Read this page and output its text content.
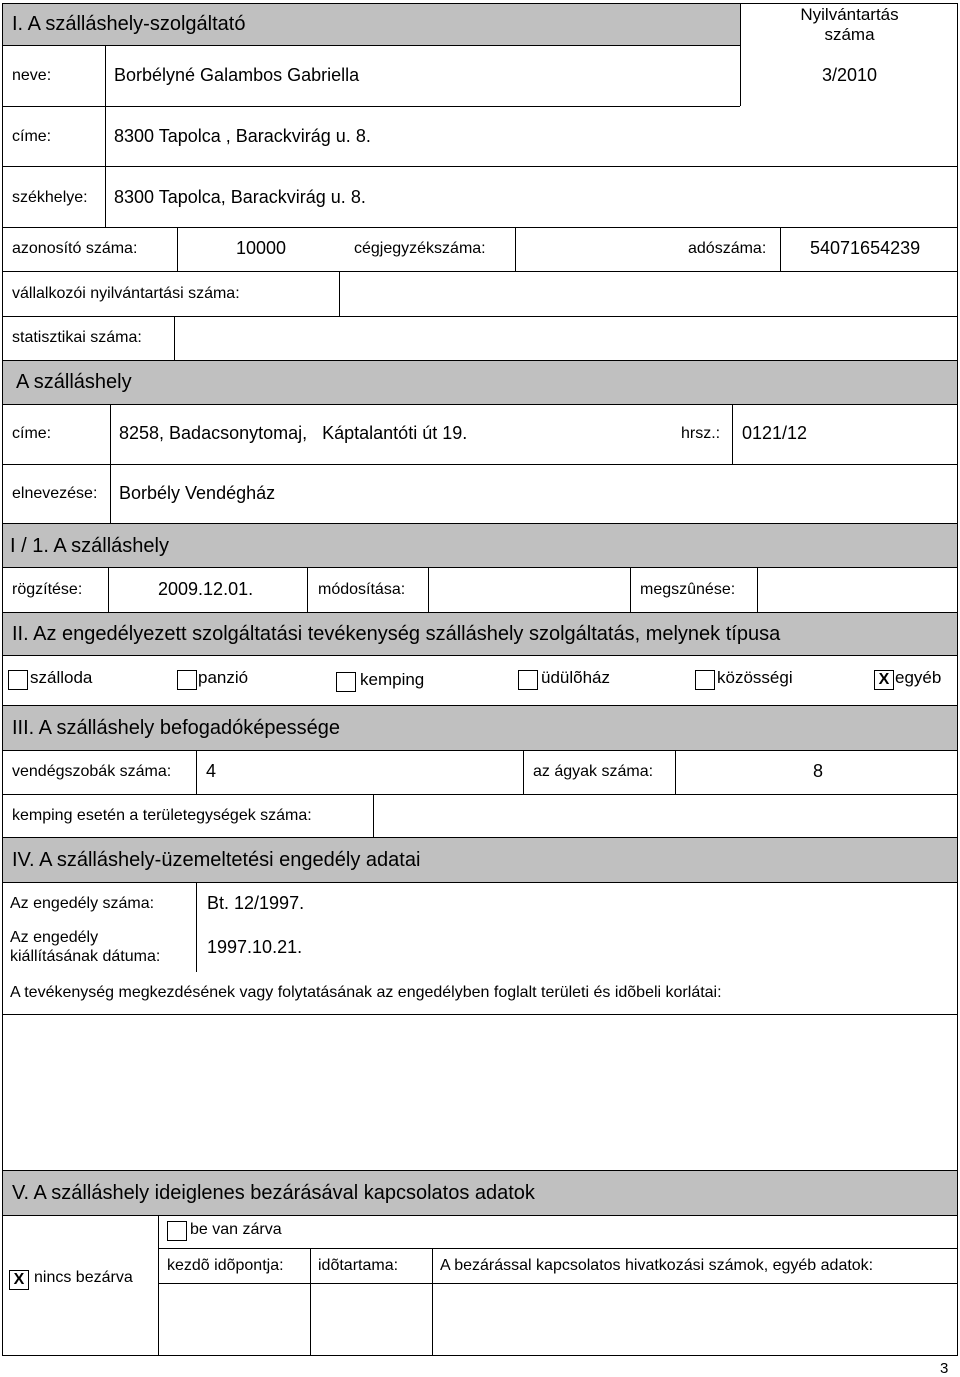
I. A szálláshely-szolgáltató	Nyilvántartás
száma
neve:	Borbélyné Galambos Gabriella	3/2010
címe:	8300 Tapolca , Barackvirág u. 8.
székhelye: 8300 Tapolca, Barackvirág u. 8.
azonosító száma:	10000	cégjegyzékszáma:	adószáma: 54071654239
vállalkozói nyilvántartási száma:
statisztikai száma:
A szálláshely
címe:	8258, Badacsonytomaj,   Káptalantóti út 19.	hrsz.: 0121/12
elnevezése: Borbély Vendégház
I / 1. A szálláshely
rögzítése:	2009.12.01.	módosítása:	megszûnése:
II. Az engedélyezett szolgáltatási tevékenység szálláshely szolgáltatás, melynek típusa
szálloda	panzió	kemping	üdülõház	közösségi	X egyéb
III. A szálláshely befogadóképessége
vendégszobák száma: 4	az ágyak száma:	8
kemping esetén a területegységek száma:
IV. A szálláshely-üzemeltetési engedély adatai
Az engedély száma:	Bt. 12/1997.
Az engedély
kiállításának dátuma:	1997.10.21.
A tevékenység megkezdésének vagy folytatásának az engedélyben foglalt területi és idõbeli korlátai:
V. A szálláshely ideiglenes bezárásával kapcsolatos adatok
be van zárva
X nincs bezárva
kezdõ idõpontja: idõtartama:	A bezárással kapcsolatos hivatkozási számok, egyéb adatok:
3
